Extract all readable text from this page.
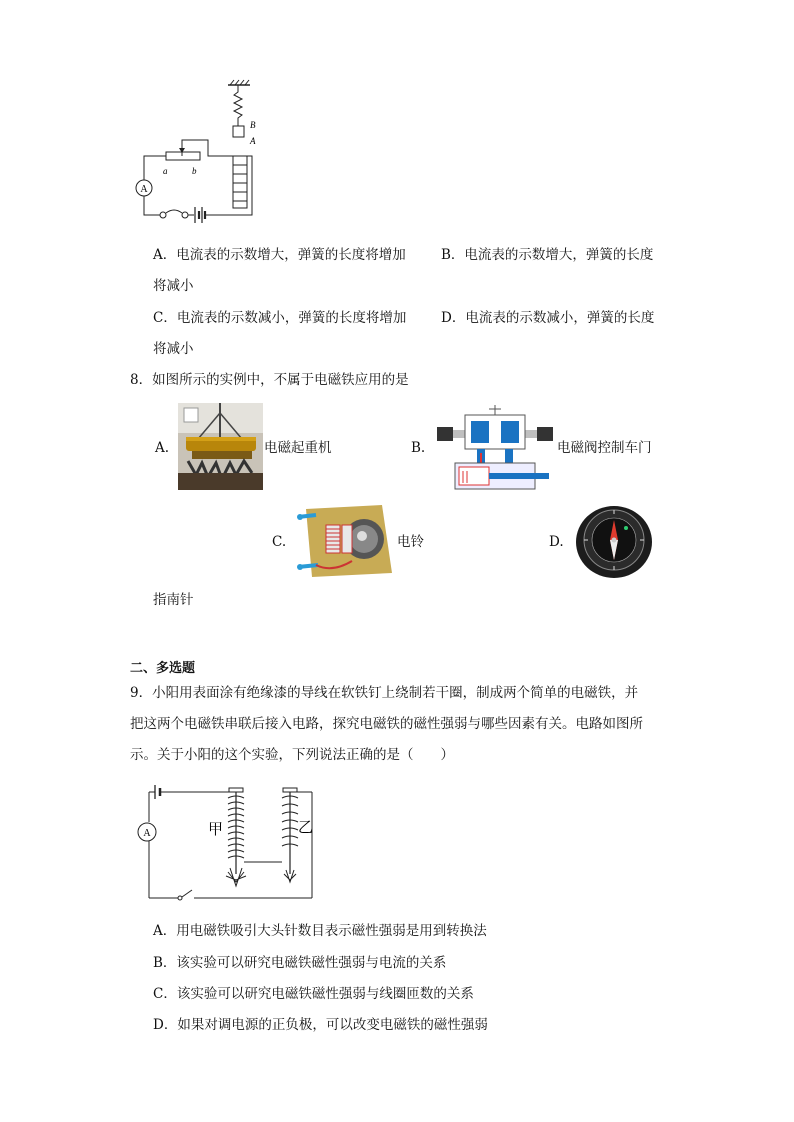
A
B
A
a	b
A．电流表的示数增大，弹簧的长度将增加	B．电流表的示数增大，弹簧的长度
将减小
C．电流表的示数减小，弹簧的长度将增加	D．电流表的示数减小，弹簧的长度
将减小
8．如图所示的实例中，不属于电磁铁应用的是
A.	电磁起重机	B.	电磁阀控制车门
C.	电铃	D.
指南针
二、多选题
9．小阳用表面涂有绝缘漆的导线在软铁钉上绕制若干圈，制成两个简单的电磁铁，并
把这两个电磁铁串联后接入电路，探究电磁铁的磁性强弱与哪些因素有关。电路如图所
示。关于小阳的这个实验，下列说法正确的是（　　）
A	甲	乙
A．用电磁铁吸引大头针数目表示磁性强弱是用到转换法
B．该实验可以研究电磁铁磁性强弱与电流的关系
C．该实验可以研究电磁铁磁性强弱与线圈匝数的关系
D．如果对调电源的正负极，可以改变电磁铁的磁性强弱
